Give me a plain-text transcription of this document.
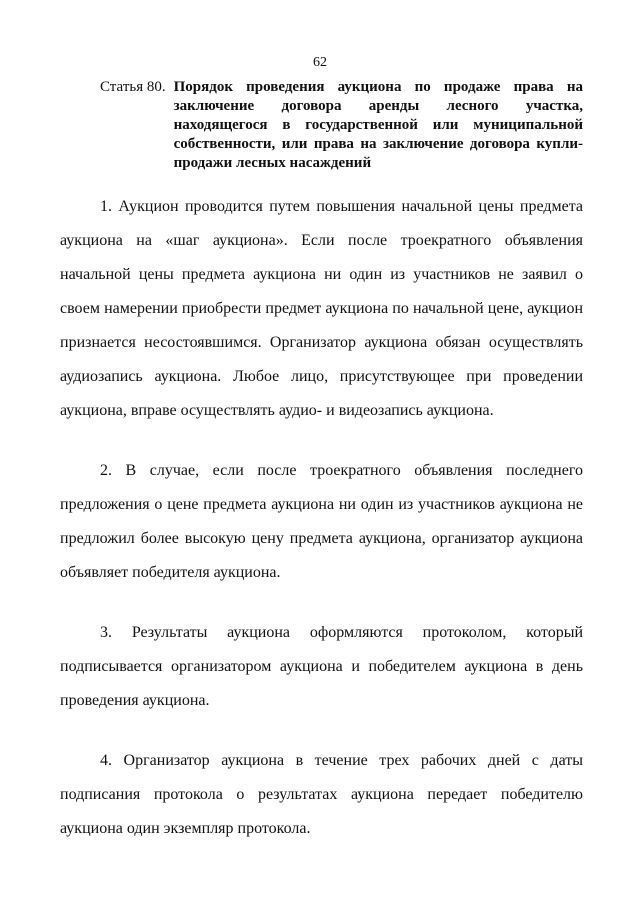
62
Статья 80. Порядок проведения аукциона по продаже права на заключение договора аренды лесного участка, находящегося в государственной или муниципальной собственности, или права на заключение договора купли-продажи лесных насаждений

1. Аукцион проводится путем повышения начальной цены предмета аукциона на «шаг аукциона». Если после троекратного объявления начальной цены предмета аукциона ни один из участников не заявил о своем намерении приобрести предмет аукциона по начальной цене, аукцион признается несостоявшимся. Организатор аукциона обязан осуществлять аудиозапись аукциона. Любое лицо, присутствующее при проведении аукциона, вправе осуществлять аудио- и видеозапись аукциона.

2. В случае, если после троекратного объявления последнего предложения о цене предмета аукциона ни один из участников аукциона не предложил более высокую цену предмета аукциона, организатор аукциона объявляет победителя аукциона.

3. Результаты аукциона оформляются протоколом, который подписывается организатором аукциона и победителем аукциона в день проведения аукциона.

4. Организатор аукциона в течение трех рабочих дней с даты подписания протокола о результатах аукциона передает победителю аукциона один экземпляр протокола.
